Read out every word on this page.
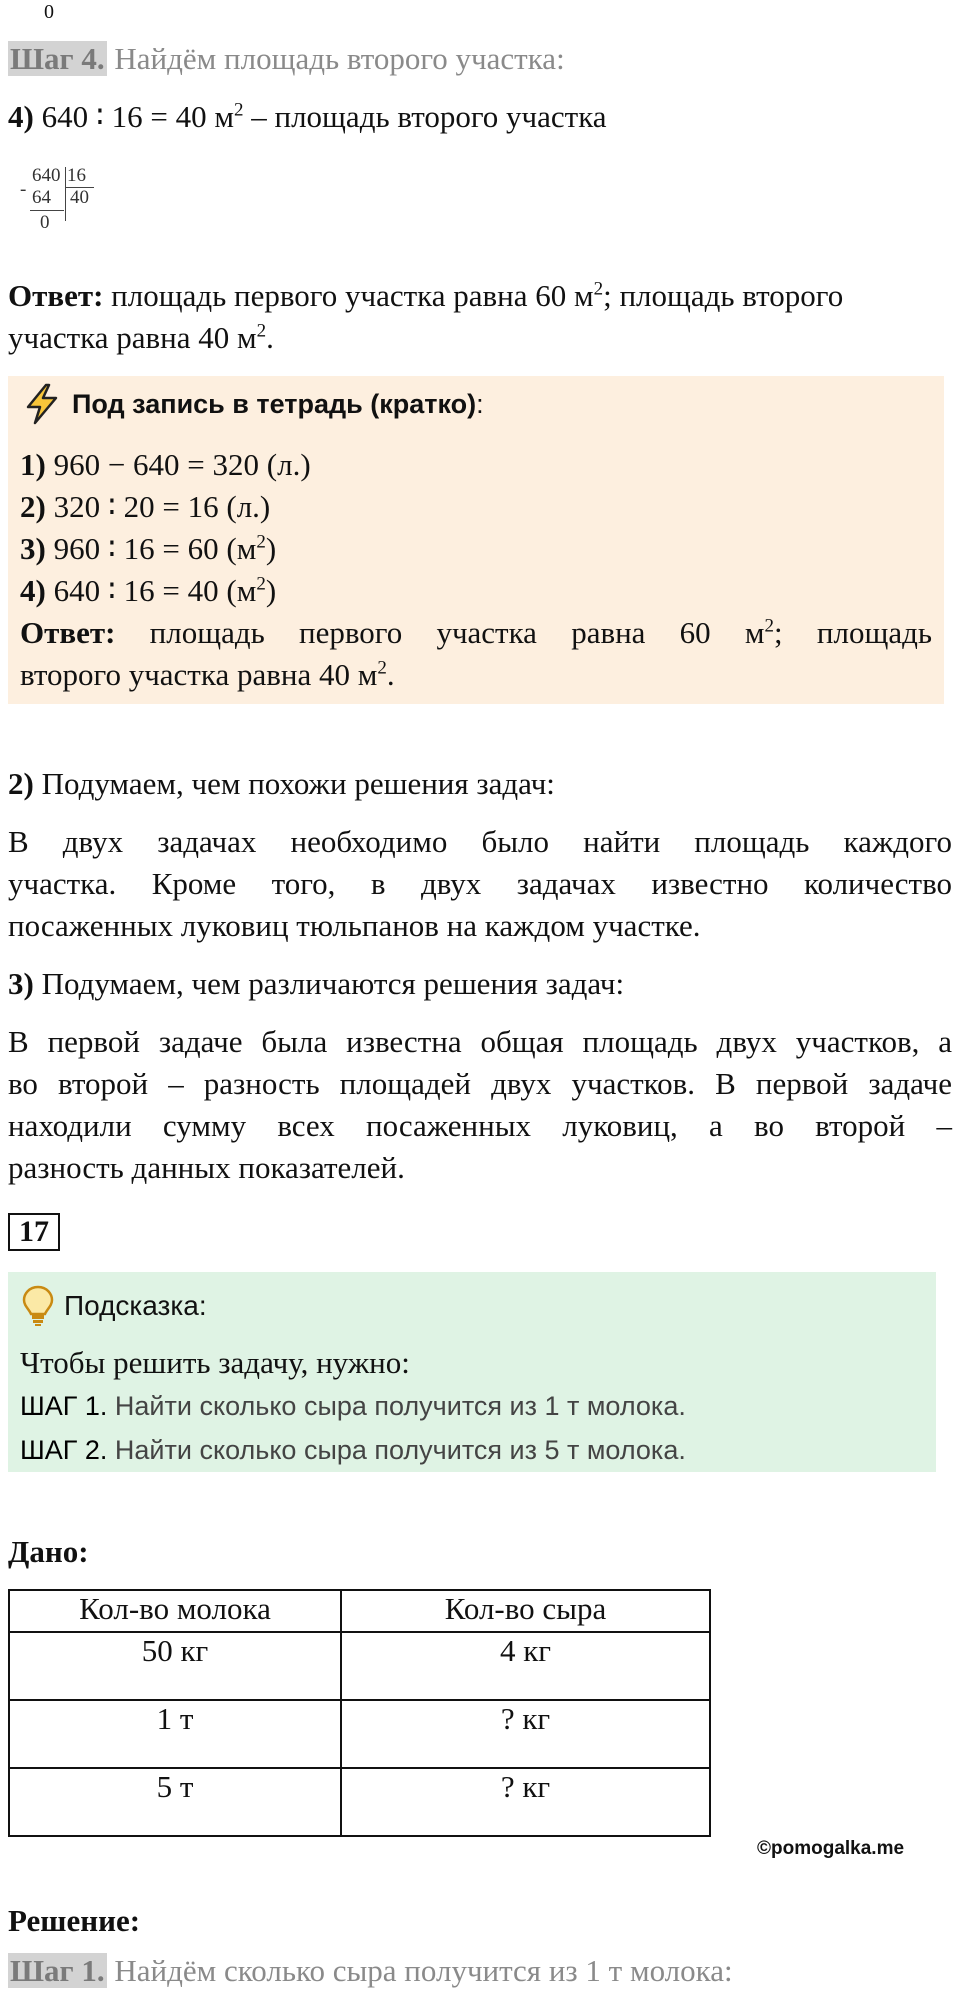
0
Шаг 4. Найдём площадь второго участка:
4) 640 ∶ 16 = 40 $м^2$ – площадь второго участка
640 16
- 64 40
0
Ответ: площадь первого участка равна 60 $м^2$; площадь второго
участка равна 40 $м^2$.
Под запись в тетрадь (кратко):
1) 960 − 640 = 320 (л.)
2) 320 ∶ 20 = 16 (л.)
3) 960 ∶ 16 = 60 $(м^2)$
4) 640 ∶ 16 = 40 $(м^2)$
Ответ: площадь первого участка равна 60 $м^2$; площадь
второго участка равна 40 $м^2$.
2) Подумаем, чем похожи решения задач:
В двух задачах необходимо было найти площадь каждого
участка. Кроме того, в двух задачах известно количество
посаженных луковиц тюльпанов на каждом участке.
3) Подумаем, чем различаются решения задач:
В первой задаче была известна общая площадь двух участков, а
во второй – разность площадей двух участков. В первой задаче
находили сумму всех посаженных луковиц, а во второй –
разность данных показателей.
17
Подсказка:
Чтобы решить задачу, нужно:
ШАГ 1. Найти сколько сыра получится из 1 т молока.
ШАГ 2. Найти сколько сыра получится из 5 т молока.
Дано:
Кол-во молока	Кол-во сыра
50 кг	4 кг
1 т	? кг
5 т	? кг
©pomogalka.me
Решение:
Шаг 1. Найдём сколько сыра получится из 1 т молока:
